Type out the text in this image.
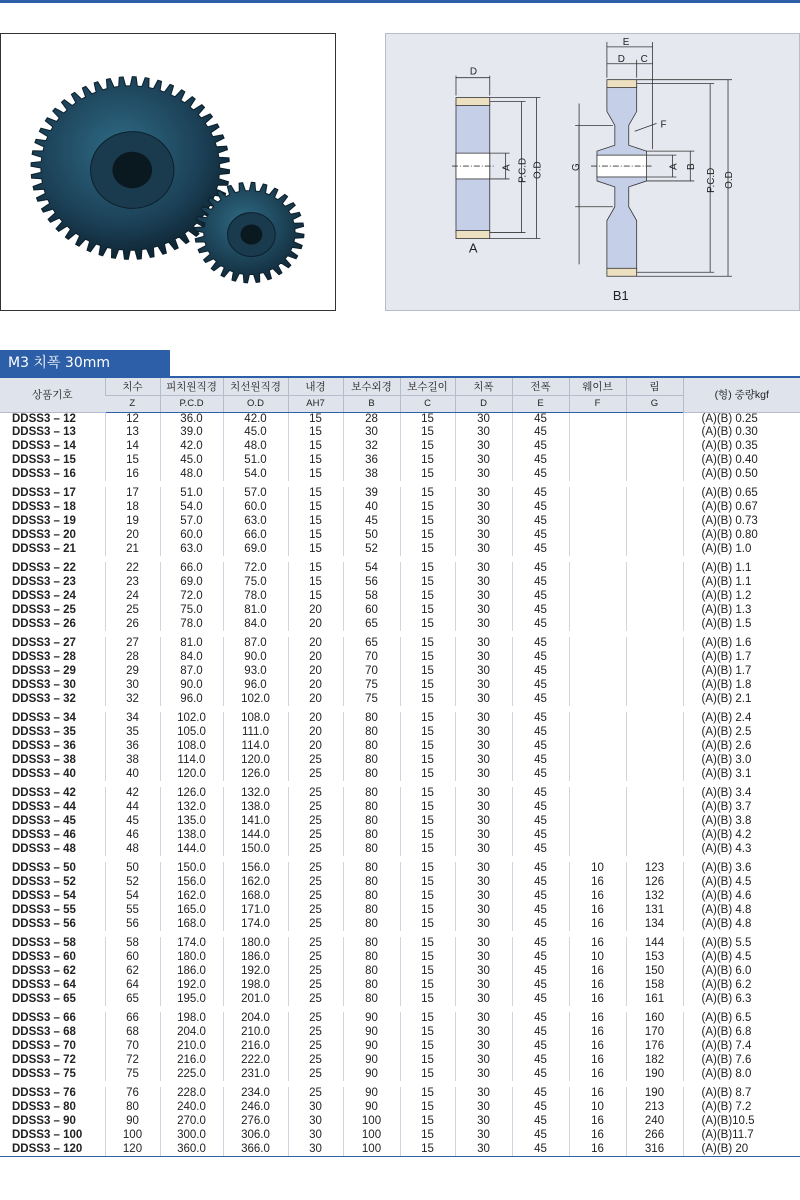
D
A P.C.D O.D
A
E
D C
F
A B
P.C.D O.D
G
B1
M3 치폭 30mm
상품기호	치수	피치원직경	치선원직경	내경	보수외경	보수길이	치폭	전폭	웨이브	림	(형) 중량kgf
	Z	P.C.D	O.D	AH7	B	C	D	E	F	G	
DDSS3 – 12	12	36.0	42.0	15	28	15	30	45			(A)(B) 0.25
DDSS3 – 13	13	39.0	45.0	15	30	15	30	45			(A)(B) 0.30
DDSS3 – 14	14	42.0	48.0	15	32	15	30	45			(A)(B) 0.35
DDSS3 – 15	15	45.0	51.0	15	36	15	30	45			(A)(B) 0.40
DDSS3 – 16	16	48.0	54.0	15	38	15	30	45			(A)(B) 0.50

DDSS3 – 17	17	51.0	57.0	15	39	15	30	45			(A)(B) 0.65
DDSS3 – 18	18	54.0	60.0	15	40	15	30	45			(A)(B) 0.67
DDSS3 – 19	19	57.0	63.0	15	45	15	30	45			(A)(B) 0.73
DDSS3 – 20	20	60.0	66.0	15	50	15	30	45			(A)(B) 0.80
DDSS3 – 21	21	63.0	69.0	15	52	15	30	45			(A)(B) 1.0

DDSS3 – 22	22	66.0	72.0	15	54	15	30	45			(A)(B) 1.1
DDSS3 – 23	23	69.0	75.0	15	56	15	30	45			(A)(B) 1.1
DDSS3 – 24	24	72.0	78.0	15	58	15	30	45			(A)(B) 1.2
DDSS3 – 25	25	75.0	81.0	20	60	15	30	45			(A)(B) 1.3
DDSS3 – 26	26	78.0	84.0	20	65	15	30	45			(A)(B) 1.5

DDSS3 – 27	27	81.0	87.0	20	65	15	30	45			(A)(B) 1.6
DDSS3 – 28	28	84.0	90.0	20	70	15	30	45			(A)(B) 1.7
DDSS3 – 29	29	87.0	93.0	20	70	15	30	45			(A)(B) 1.7
DDSS3 – 30	30	90.0	96.0	20	75	15	30	45			(A)(B) 1.8
DDSS3 – 32	32	96.0	102.0	20	75	15	30	45			(A)(B) 2.1

DDSS3 – 34	34	102.0	108.0	20	80	15	30	45			(A)(B) 2.4
DDSS3 – 35	35	105.0	111.0	20	80	15	30	45			(A)(B) 2.5
DDSS3 – 36	36	108.0	114.0	20	80	15	30	45			(A)(B) 2.6
DDSS3 – 38	38	114.0	120.0	25	80	15	30	45			(A)(B) 3.0
DDSS3 – 40	40	120.0	126.0	25	80	15	30	45			(A)(B) 3.1

DDSS3 – 42	42	126.0	132.0	25	80	15	30	45			(A)(B) 3.4
DDSS3 – 44	44	132.0	138.0	25	80	15	30	45			(A)(B) 3.7
DDSS3 – 45	45	135.0	141.0	25	80	15	30	45			(A)(B) 3.8
DDSS3 – 46	46	138.0	144.0	25	80	15	30	45			(A)(B) 4.2
DDSS3 – 48	48	144.0	150.0	25	80	15	30	45			(A)(B) 4.3

DDSS3 – 50	50	150.0	156.0	25	80	15	30	45	10	123	(A)(B) 3.6
DDSS3 – 52	52	156.0	162.0	25	80	15	30	45	16	126	(A)(B) 4.5
DDSS3 – 54	54	162.0	168.0	25	80	15	30	45	16	132	(A)(B) 4.6
DDSS3 – 55	55	165.0	171.0	25	80	15	30	45	16	131	(A)(B) 4.8
DDSS3 – 56	56	168.0	174.0	25	80	15	30	45	16	134	(A)(B) 4.8

DDSS3 – 58	58	174.0	180.0	25	80	15	30	45	16	144	(A)(B) 5.5
DDSS3 – 60	60	180.0	186.0	25	80	15	30	45	10	153	(A)(B) 4.5
DDSS3 – 62	62	186.0	192.0	25	80	15	30	45	16	150	(A)(B) 6.0
DDSS3 – 64	64	192.0	198.0	25	80	15	30	45	16	158	(A)(B) 6.2
DDSS3 – 65	65	195.0	201.0	25	80	15	30	45	16	161	(A)(B) 6.3

DDSS3 – 66	66	198.0	204.0	25	90	15	30	45	16	160	(A)(B) 6.5
DDSS3 – 68	68	204.0	210.0	25	90	15	30	45	16	170	(A)(B) 6.8
DDSS3 – 70	70	210.0	216.0	25	90	15	30	45	16	176	(A)(B) 7.4
DDSS3 – 72	72	216.0	222.0	25	90	15	30	45	16	182	(A)(B) 7.6
DDSS3 – 75	75	225.0	231.0	25	90	15	30	45	16	190	(A)(B) 8.0

DDSS3 – 76	76	228.0	234.0	25	90	15	30	45	16	190	(A)(B) 8.7
DDSS3 – 80	80	240.0	246.0	30	90	15	30	45	10	213	(A)(B) 7.2
DDSS3 – 90	90	270.0	276.0	30	100	15	30	45	16	240	(A)(B)10.5
DDSS3 – 100	100	300.0	306.0	30	100	15	30	45	16	266	(A)(B)11.7
DDSS3 – 120	120	360.0	366.0	30	100	15	30	45	16	316	(A)(B) 20
